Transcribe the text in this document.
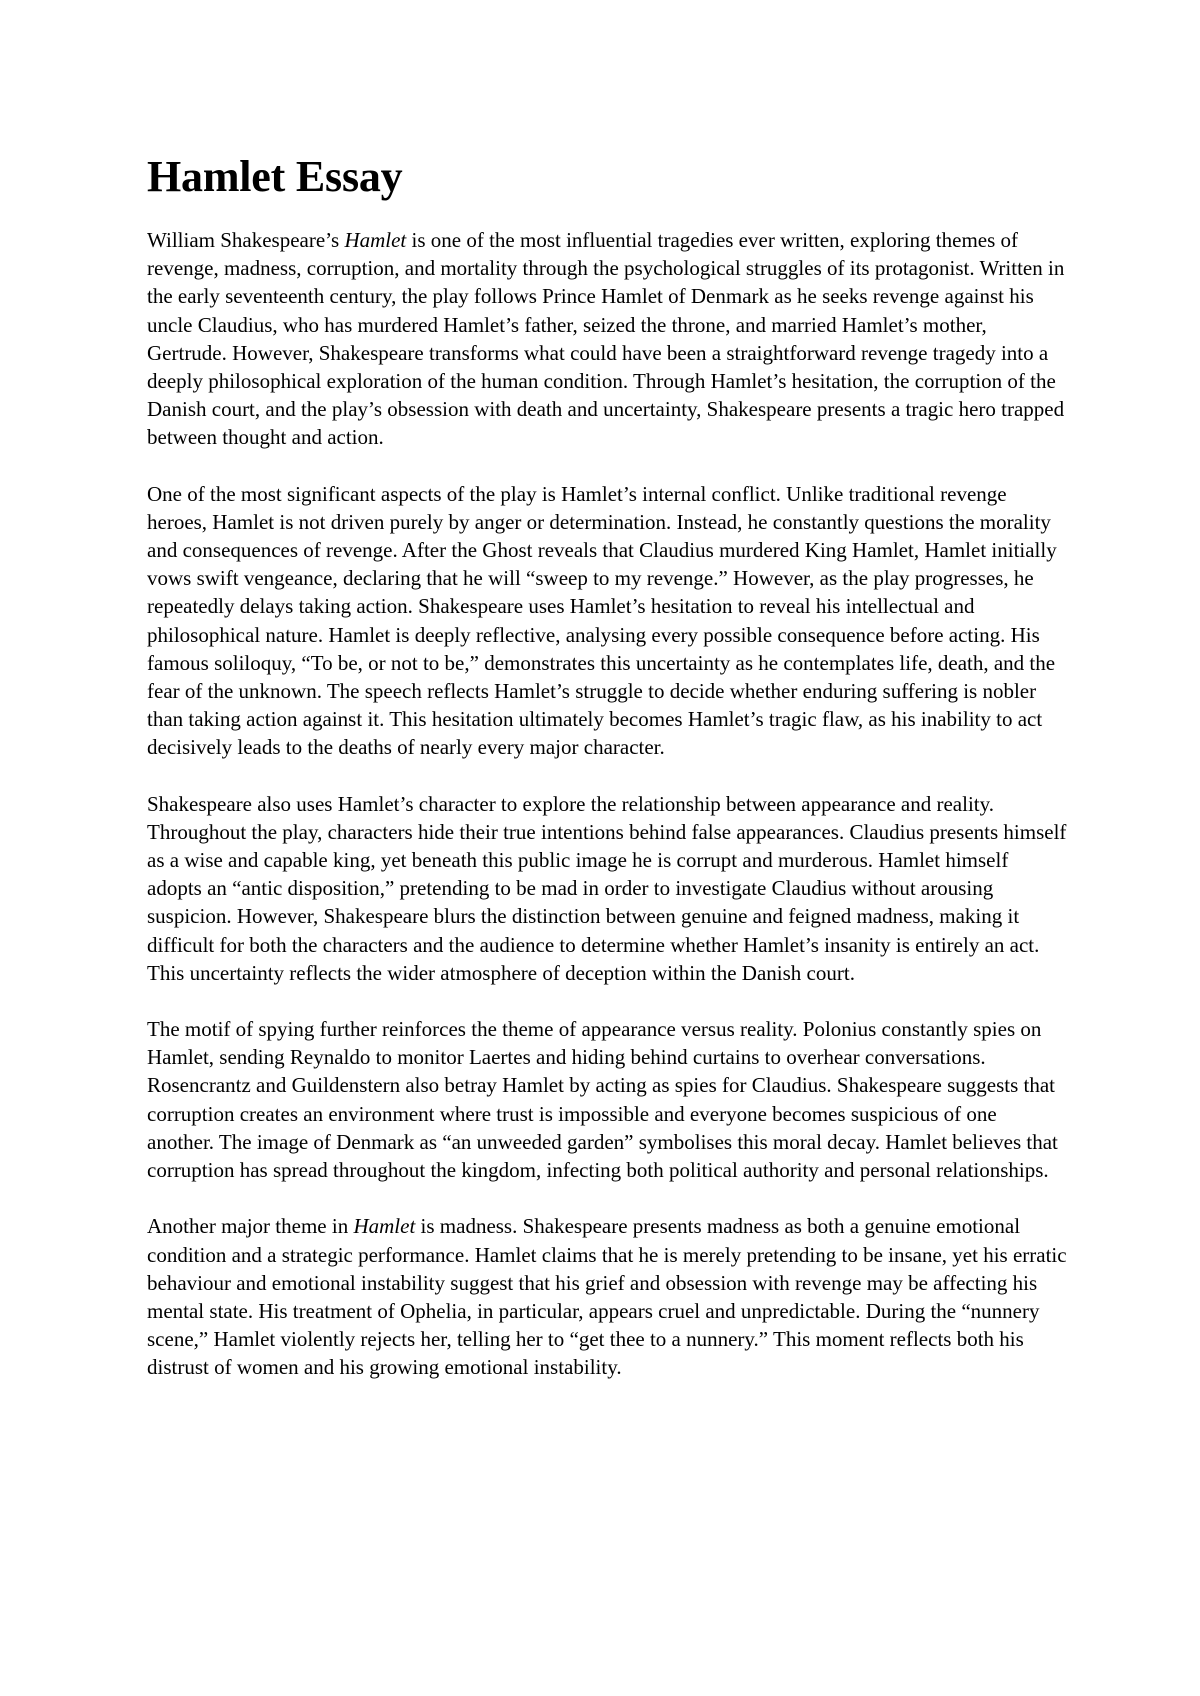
Hamlet Essay

William Shakespeare’s Hamlet is one of the most influential tragedies ever written, exploring themes of revenge, madness, corruption, and mortality through the psychological struggles of its protagonist. Written in the early seventeenth century, the play follows Prince Hamlet of Denmark as he seeks revenge against his uncle Claudius, who has murdered Hamlet’s father, seized the throne, and married Hamlet’s mother, Gertrude. However, Shakespeare transforms what could have been a straightforward revenge tragedy into a deeply philosophical exploration of the human condition. Through Hamlet’s hesitation, the corruption of the Danish court, and the play’s obsession with death and uncertainty, Shakespeare presents a tragic hero trapped between thought and action.

One of the most significant aspects of the play is Hamlet’s internal conflict. Unlike traditional revenge heroes, Hamlet is not driven purely by anger or determination. Instead, he constantly questions the morality and consequences of revenge. After the Ghost reveals that Claudius murdered King Hamlet, Hamlet initially vows swift vengeance, declaring that he will “sweep to my revenge.” However, as the play progresses, he repeatedly delays taking action. Shakespeare uses Hamlet’s hesitation to reveal his intellectual and philosophical nature. Hamlet is deeply reflective, analysing every possible consequence before acting. His famous soliloquy, “To be, or not to be,” demonstrates this uncertainty as he contemplates life, death, and the fear of the unknown. The speech reflects Hamlet’s struggle to decide whether enduring suffering is nobler than taking action against it. This hesitation ultimately becomes Hamlet’s tragic flaw, as his inability to act decisively leads to the deaths of nearly every major character.

Shakespeare also uses Hamlet’s character to explore the relationship between appearance and reality. Throughout the play, characters hide their true intentions behind false appearances. Claudius presents himself as a wise and capable king, yet beneath this public image he is corrupt and murderous. Hamlet himself adopts an “antic disposition,” pretending to be mad in order to investigate Claudius without arousing suspicion. However, Shakespeare blurs the distinction between genuine and feigned madness, making it difficult for both the characters and the audience to determine whether Hamlet’s insanity is entirely an act. This uncertainty reflects the wider atmosphere of deception within the Danish court.

The motif of spying further reinforces the theme of appearance versus reality. Polonius constantly spies on Hamlet, sending Reynaldo to monitor Laertes and hiding behind curtains to overhear conversations. Rosencrantz and Guildenstern also betray Hamlet by acting as spies for Claudius. Shakespeare suggests that corruption creates an environment where trust is impossible and everyone becomes suspicious of one another. The image of Denmark as “an unweeded garden” symbolises this moral decay. Hamlet believes that corruption has spread throughout the kingdom, infecting both political authority and personal relationships.

Another major theme in Hamlet is madness. Shakespeare presents madness as both a genuine emotional condition and a strategic performance. Hamlet claims that he is merely pretending to be insane, yet his erratic behaviour and emotional instability suggest that his grief and obsession with revenge may be affecting his mental state. His treatment of Ophelia, in particular, appears cruel and unpredictable. During the “nunnery scene,” Hamlet violently rejects her, telling her to “get thee to a nunnery.” This moment reflects both his distrust of women and his growing emotional instability.
